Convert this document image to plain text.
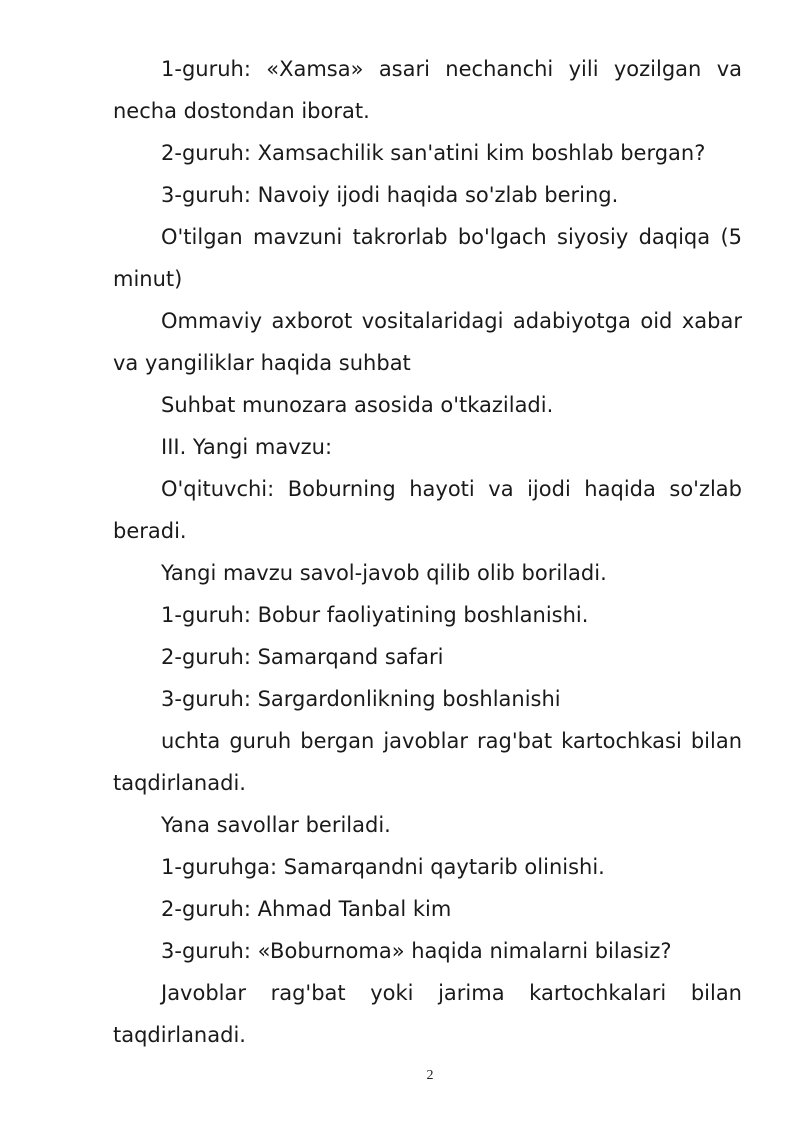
1-guruh: «Xamsa» asari nechanchi yili yozilgan va necha dostondan iborat.

2-guruh: Xamsachilik san'atini kim boshlab bergan?

3-guruh: Navoiy ijodi haqida so'zlab bering.

O'tilgan mavzuni takrorlab bo'lgach siyosiy daqiqa (5 minut)

Ommaviy axborot vositalaridagi adabiyotga oid xabar va yangiliklar haqida suhbat

Suhbat munozara asosida o'tkaziladi.

III. Yangi mavzu:

O'qituvchi: Boburning hayoti va ijodi haqida so'zlab beradi.

Yangi mavzu savol-javob qilib olib boriladi.

1-guruh: Bobur faoliyatining boshlanishi.

2-guruh: Samarqand safari

3-guruh: Sargardonlikning boshlanishi

uchta guruh bergan javoblar rag'bat kartochkasi bilan taqdirlanadi.

Yana savollar beriladi.

1-guruhga: Samarqandni qaytarib olinishi.

2-guruh: Ahmad Tanbal kim

3-guruh: «Boburnoma» haqida nimalarni bilasiz?

Javoblar rag'bat yoki jarima kartochkalari bilan taqdirlanadi.

2
